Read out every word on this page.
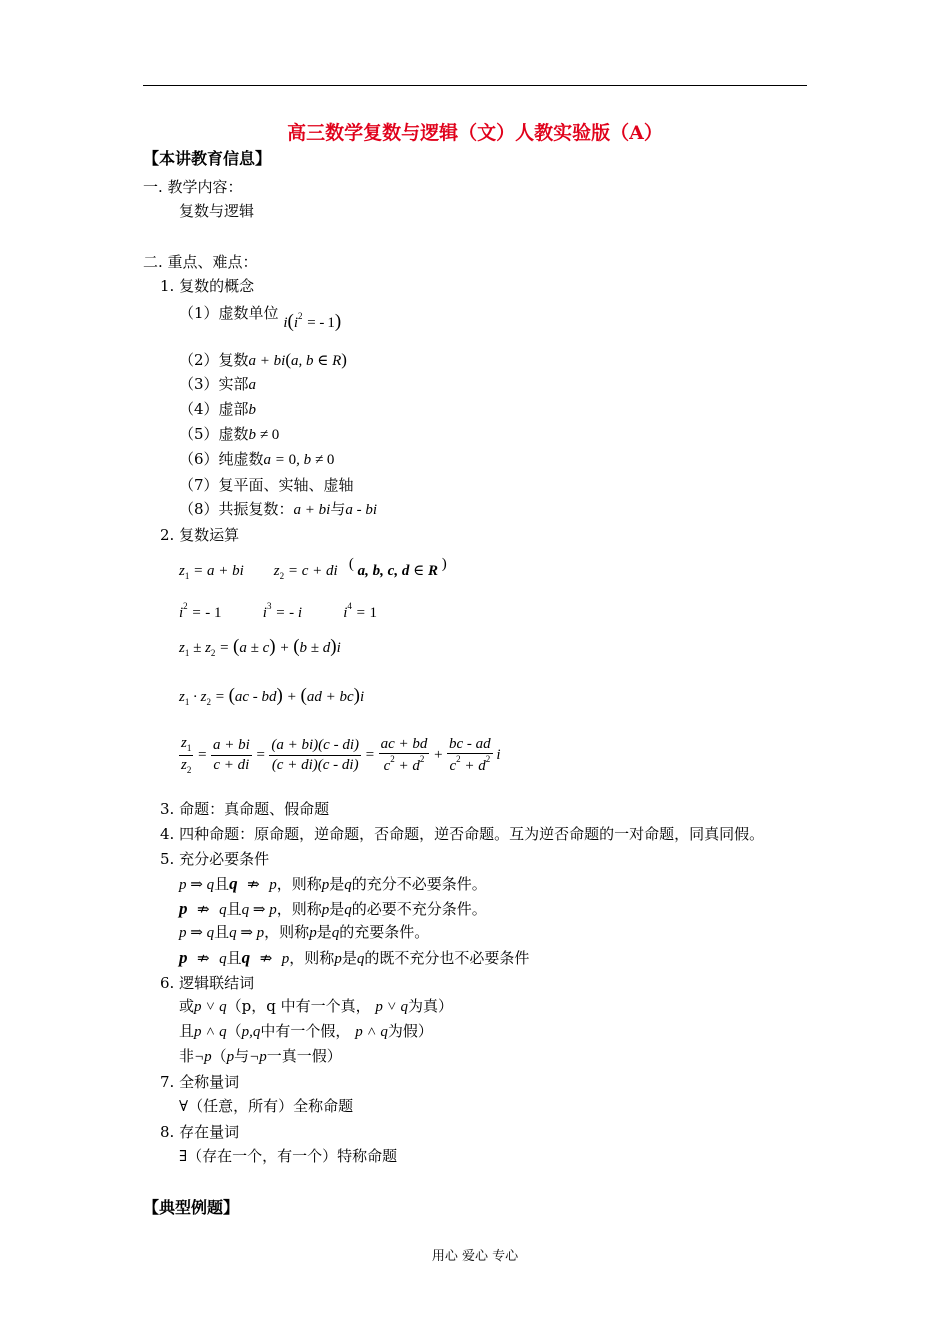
高三数学复数与逻辑（文）人教实验版（A）
【本讲教育信息】
一. 教学内容：
复数与逻辑
二. 重点、难点：
1. 复数的概念
（1）虚数单位 $i(i^2$ = - 1)
（2）复数a + bi(a, b ∈ R)
（3）实部a
（4）虚部b
（5）虚数b ≠ 0
（6）纯虚数a = 0, b ≠ 0
（7）复平面、实轴、虚轴
（8）共振复数：a + bi与a - bi
2. 复数运算
$z_1 = a$ + bi        $z_2 = c$ + di   ( a, b, c, d ∈ R )
$i^2$ = - 1           $i^3$ = - i           $i^4 = 1$
$z_1 \pm z_2 = (a \pm c) + (b \pm d)i$
$z_1 \cdot z_2 = (ac - bd) + (ad + bc)i$
$\frac{z_1}{z_2} = \frac{a + bi}{c + di} = \frac{(a + bi)(c - di)}{(c + di)(c - di)} = \frac{ac + bd}{c^2 + d^2} + \frac{bc - ad}{c^2 + d^2}$ i
3. 命题：真命题、假命题
4. 四种命题：原命题，逆命题，否命题，逆否命题。互为逆否命题的一对命题，同真同假。
5. 充分必要条件
p ⇒ q且q  ⇏  p，则称p是q的充分不必要条件。
p  ⇏  q且q ⇒ p，则称p是q的必要不充分条件。
p ⇒ q且q ⇒ p，则称p是q的充要条件。
p  ⇏  q且q  ⇏  p，则称p是q的既不充分也不必要条件
6. 逻辑联结词
或p ˅ q（p，q 中有一个真， p ˅ q为真）
且p ˄ q（p,q中有一个假， p ˄ q为假）
非¬p（p与¬p一真一假）
7. 全称量词
∀（任意，所有）全称命题
8. 存在量词
∃（存在一个，有一个）特称命题
【典型例题】
用心 爱心 专心
